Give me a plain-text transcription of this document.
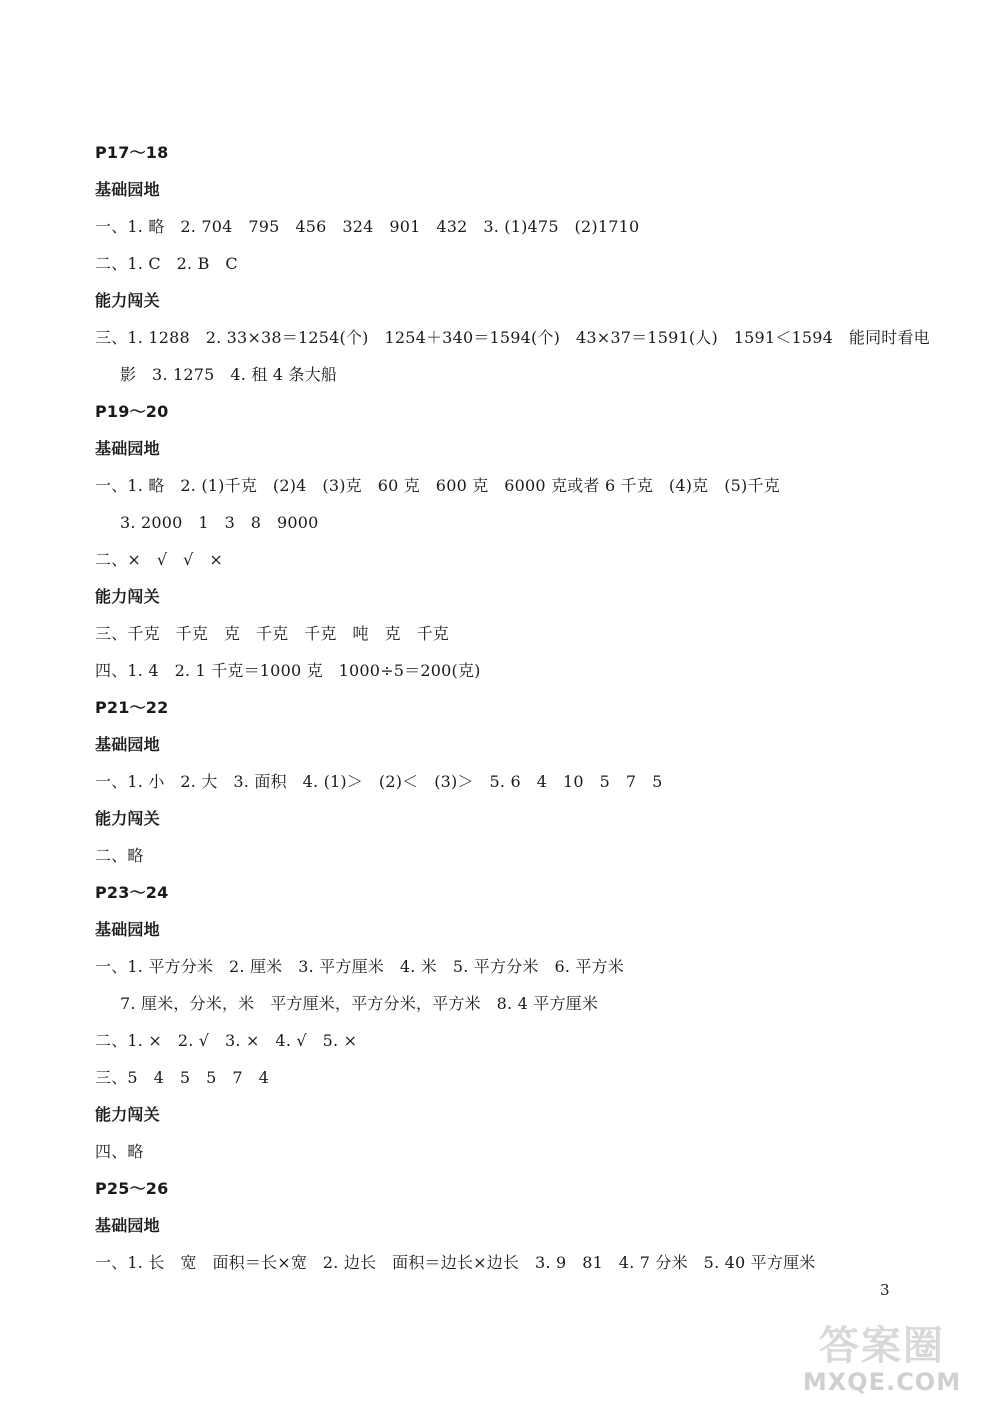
P17～18
基础园地
一、1. 略   2. 704   795   456   324   901   432   3. (1)475   (2)1710
二、1. C   2. B   C
能力闯关
三、1. 1288   2. 33×38＝1254(个)   1254＋340＝1594(个)   43×37＝1591(人)   1591＜1594   能同时看电
影   3. 1275   4. 租 4 条大船
P19～20
基础园地
一、1. 略   2. (1)千克   (2)4   (3)克   60 克   600 克   6000 克或者 6 千克   (4)克   (5)千克
3. 2000   1   3   8   9000
二、×   √   √   ×
能力闯关
三、千克   千克   克   千克   千克   吨   克   千克
四、1. 4   2. 1 千克＝1000 克   1000÷5＝200(克)
P21～22
基础园地
一、1. 小   2. 大   3. 面积   4. (1)＞   (2)＜   (3)＞   5. 6   4   10   5   7   5
能力闯关
二、略
P23～24
基础园地
一、1. 平方分米   2. 厘米   3. 平方厘米   4. 米   5. 平方分米   6. 平方米
7. 厘米，分米，米   平方厘米，平方分米，平方米   8. 4 平方厘米
二、1. ×   2. √   3. ×   4. √   5. ×
三、5   4   5   5   7   4
能力闯关
四、略
P25～26
基础园地
一、1. 长   宽   面积＝长×宽   2. 边长   面积＝边长×边长   3. 9   81   4. 7 分米   5. 40 平方厘米
3
答案圈
MXQE.COM
